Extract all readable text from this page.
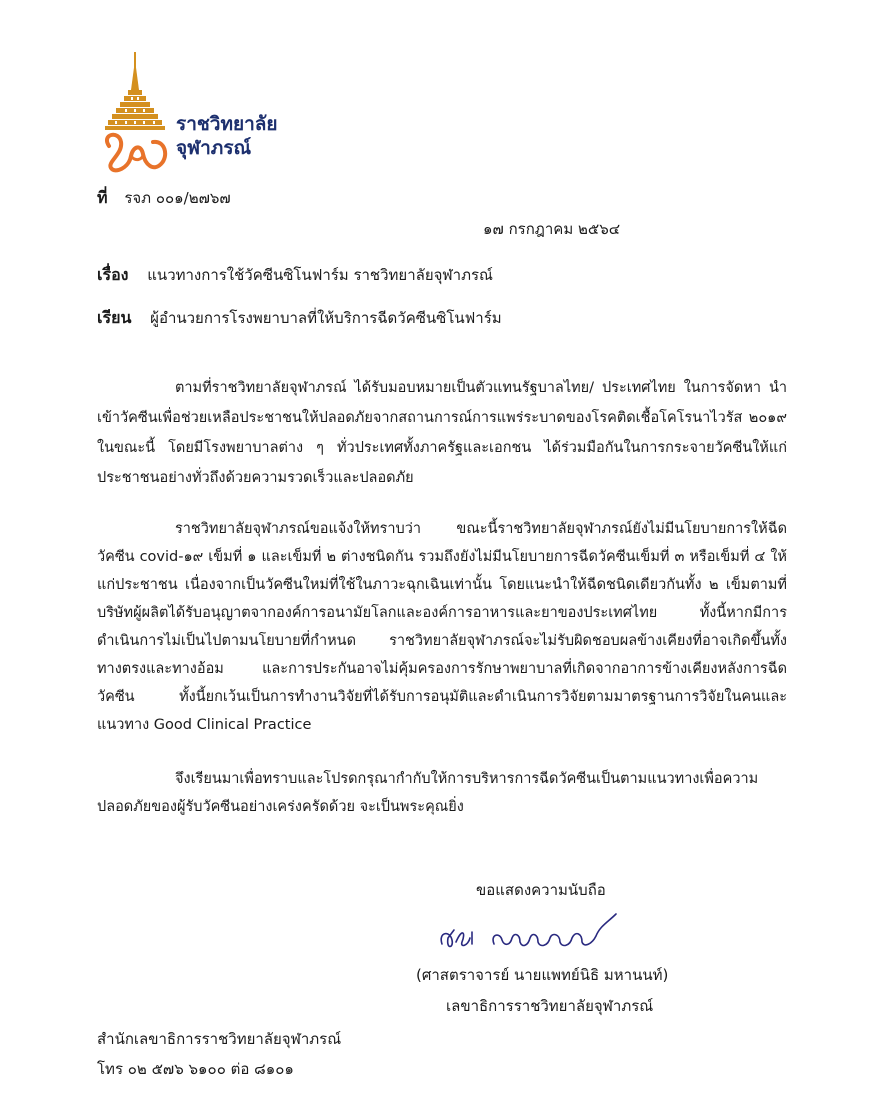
ราชวิทยาลัย
จุฬาภรณ์
ที่ รจภ ๐๐๑/๒๗๖๗
๑๗ กรกฎาคม ๒๕๖๔
เรื่อง แนวทางการใช้วัคซีนซิโนฟาร์ม ราชวิทยาลัยจุฬาภรณ์
เรียน ผู้อำนวยการโรงพยาบาลที่ให้บริการฉีดวัคซีนซิโนฟาร์ม
ตามที่ราชวิทยาลัยจุฬาภรณ์ ได้รับมอบหมายเป็นตัวแทนรัฐบาลไทย/ ประเทศไทย ในการจัดหา นำ
เข้าวัคซีนเพื่อช่วยเหลือประชาชนให้ปลอดภัยจากสถานการณ์การแพร่ระบาดของโรคติดเชื้อโคโรนาไวรัส ๒๐๑๙
ในขณะนี้ โดยมีโรงพยาบาลต่าง ๆ ทั่วประเทศทั้งภาครัฐและเอกชน ได้ร่วมมือกันในการกระจายวัคซีนให้แก่
ประชาชนอย่างทั่วถึงด้วยความรวดเร็วและปลอดภัย
ราชวิทยาลัยจุฬาภรณ์ขอแจ้งให้ทราบว่า ขณะนี้ราชวิทยาลัยจุฬาภรณ์ยังไม่มีนโยบายการให้ฉีด
วัคซีน covid-๑๙ เข็มที่ ๑ และเข็มที่ ๒ ต่างชนิดกัน รวมถึงยังไม่มีนโยบายการฉีดวัคซีนเข็มที่ ๓ หรือเข็มที่ ๔ ให้
แก่ประชาชน เนื่องจากเป็นวัคซีนใหม่ที่ใช้ในภาวะฉุกเฉินเท่านั้น โดยแนะนำให้ฉีดชนิดเดียวกันทั้ง ๒ เข็มตามที่
บริษัทผู้ผลิตได้รับอนุญาตจากองค์การอนามัยโลกและองค์การอาหารและยาของประเทศไทย ทั้งนี้หากมีการ
ดำเนินการไม่เป็นไปตามนโยบายที่กำหนด ราชวิทยาลัยจุฬาภรณ์จะไม่รับผิดชอบผลข้างเคียงที่อาจเกิดขึ้นทั้ง
ทางตรงและทางอ้อม และการประกันอาจไม่คุ้มครองการรักษาพยาบาลที่เกิดจากอาการข้างเคียงหลังการฉีด
วัคซีน ทั้งนี้ยกเว้นเป็นการทำงานวิจัยที่ได้รับการอนุมัติและดำเนินการวิจัยตามมาตรฐานการวิจัยในคนและ
แนวทาง Good Clinical Practice
จึงเรียนมาเพื่อทราบและโปรดกรุณากำกับให้การบริหารการฉีดวัคซีนเป็นตามแนวทางเพื่อความ
ปลอดภัยของผู้รับวัคซีนอย่างเคร่งครัดด้วย จะเป็นพระคุณยิ่ง
ขอแสดงความนับถือ
(ศาสตราจารย์ นายแพทย์นิธิ มหานนท์)
เลขาธิการราชวิทยาลัยจุฬาภรณ์
สำนักเลขาธิการราชวิทยาลัยจุฬาภรณ์
โทร ๐๒ ๕๗๖ ๖๑๐๐ ต่อ ๘๑๐๑
